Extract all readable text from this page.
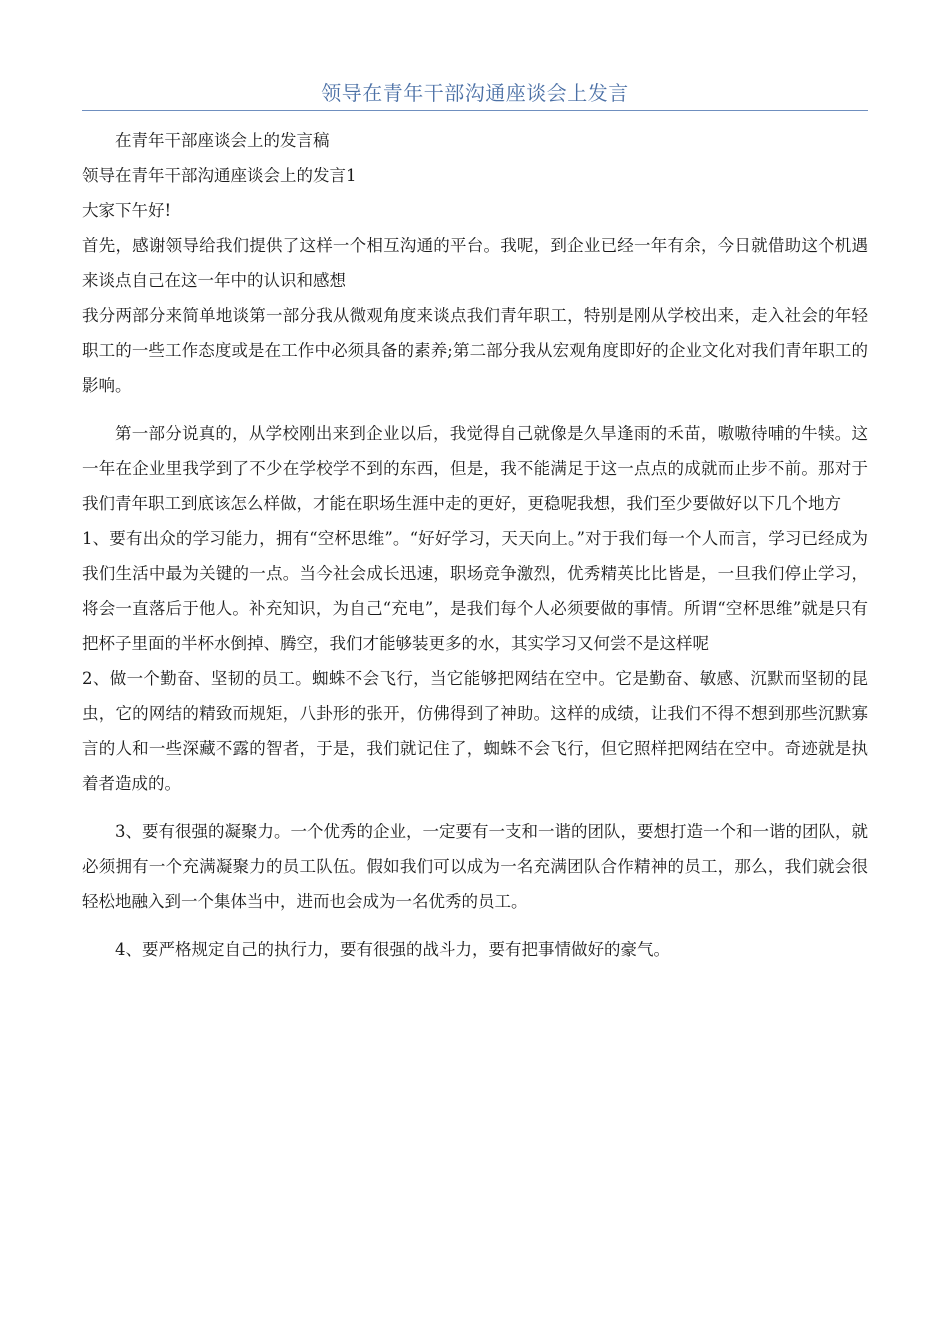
领导在青年干部沟通座谈会上发言

在青年干部座谈会上的发言稿

领导在青年干部沟通座谈会上的发言1

大家下午好!

首先，感谢领导给我们提供了这样一个相互沟通的平台。我呢，到企业已经一年有余，今日就借助这个机遇来谈点自己在这一年中的认识和感想

我分两部分来简单地谈第一部分我从微观角度来谈点我们青年职工，特别是刚从学校出来，走入社会的年轻职工的一些工作态度或是在工作中必须具备的素养;第二部分我从宏观角度即好的企业文化对我们青年职工的影响。

第一部分说真的，从学校刚出来到企业以后，我觉得自己就像是久旱逢雨的禾苗，嗷嗷待哺的牛犊。这一年在企业里我学到了不少在学校学不到的东西，但是，我不能满足于这一点点的成就而止步不前。那对于我们青年职工到底该怎么样做，才能在职场生涯中走的更好，更稳呢我想，我们至少要做好以下几个地方

1、要有出众的学习能力，拥有“空杯思维”。“好好学习，天天向上。”对于我们每一个人而言，学习已经成为我们生活中最为关键的一点。当今社会成长迅速，职场竞争激烈，优秀精英比比皆是，一旦我们停止学习，将会一直落后于他人。补充知识，为自己“充电”，是我们每个人必须要做的事情。所谓“空杯思维”就是只有把杯子里面的半杯水倒掉、腾空，我们才能够装更多的水，其实学习又何尝不是这样呢

2、做一个勤奋、坚韧的员工。蜘蛛不会飞行，当它能够把网结在空中。它是勤奋、敏感、沉默而坚韧的昆虫，它的网结的精致而规矩，八卦形的张开，仿佛得到了神助。这样的成绩，让我们不得不想到那些沉默寡言的人和一些深藏不露的智者，于是，我们就记住了，蜘蛛不会飞行，但它照样把网结在空中。奇迹就是执着者造成的。

3、要有很强的凝聚力。一个优秀的企业，一定要有一支和一谐的团队，要想打造一个和一谐的团队，就必须拥有一个充满凝聚力的员工队伍。假如我们可以成为一名充满团队合作精神的员工，那么，我们就会很轻松地融入到一个集体当中，进而也会成为一名优秀的员工。

4、要严格规定自己的执行力，要有很强的战斗力，要有把事情做好的豪气。
